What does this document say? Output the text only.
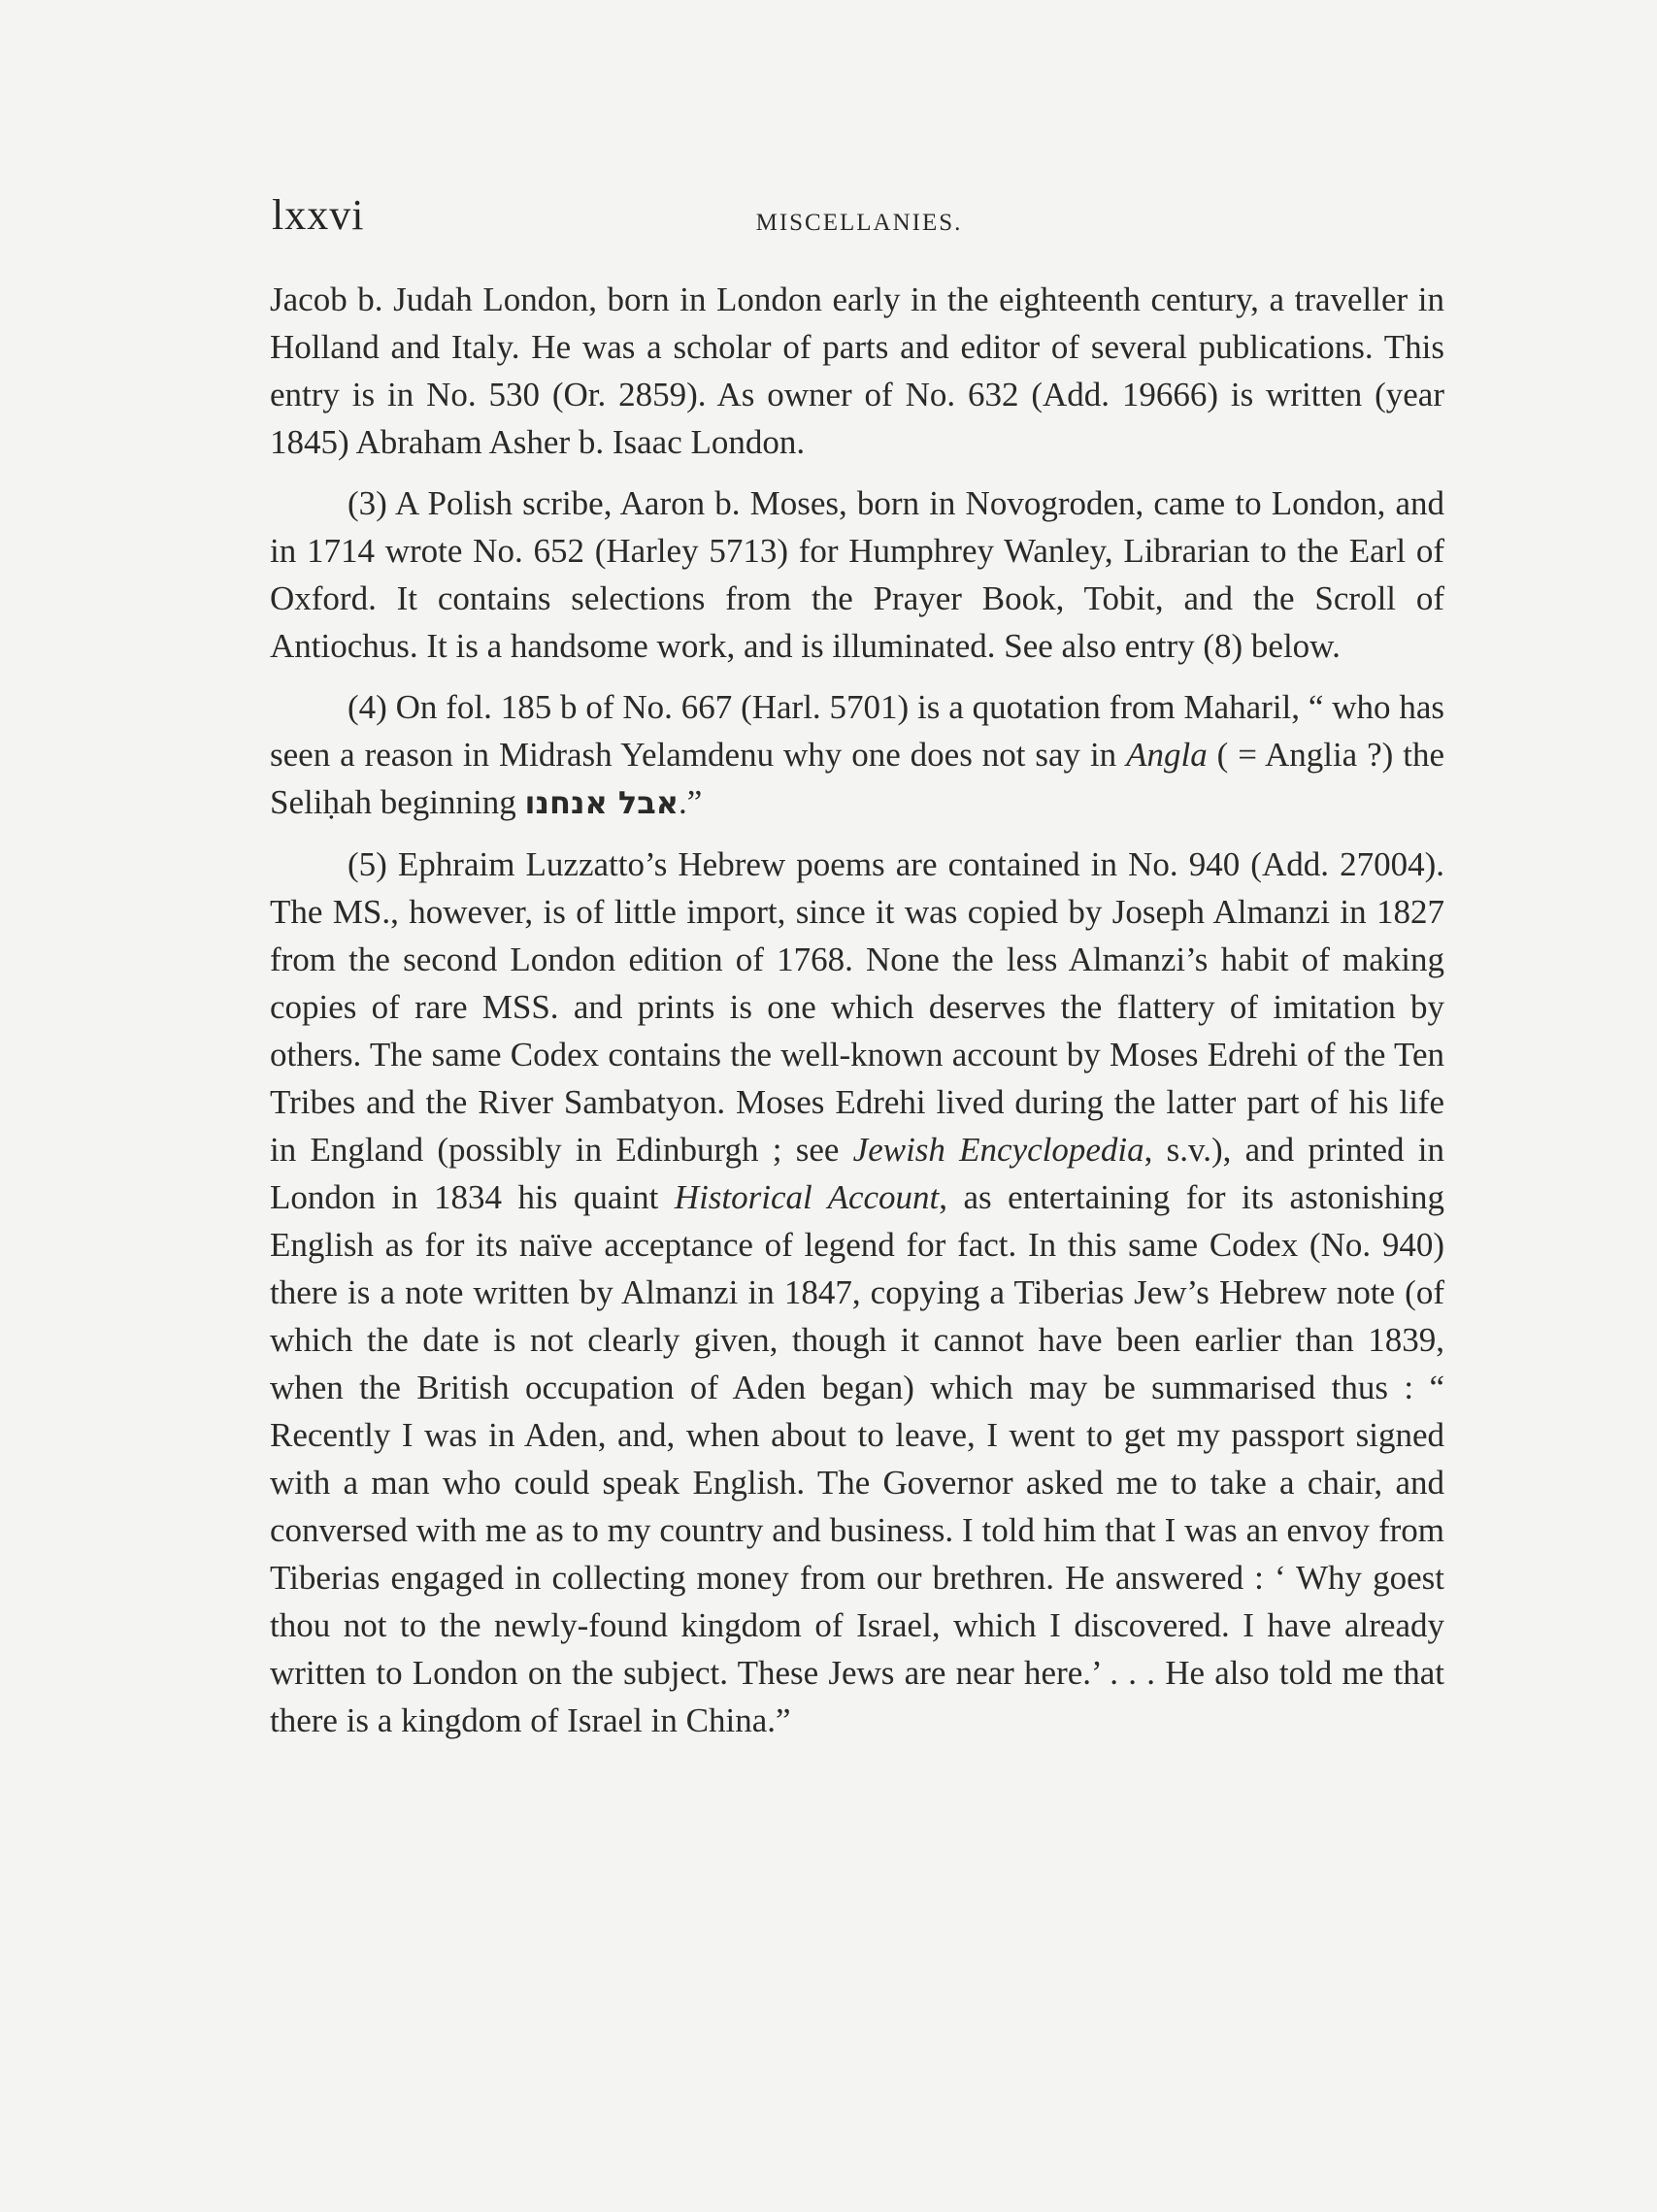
lxxvi	MISCELLANIES.

Jacob b. Judah London, born in London early in the eighteenth century, a traveller in Holland and Italy. He was a scholar of parts and editor of several publications. This entry is in No. 530 (Or. 2859). As owner of No. 632 (Add. 19666) is written (year 1845) Abraham Asher b. Isaac London.

(3) A Polish scribe, Aaron b. Moses, born in Novogroden, came to London, and in 1714 wrote No. 652 (Harley 5713) for Humphrey Wanley, Librarian to the Earl of Oxford. It contains selections from the Prayer Book, Tobit, and the Scroll of Antiochus. It is a handsome work, and is illuminated. See also entry (8) below.

(4) On fol. 185 b of No. 667 (Harl. 5701) is a quotation from Maharil, “ who has seen a reason in Midrash Yelamdenu why one does not say in Angla ( = Anglia ?) the Seliḥah beginning אבל אנחנו.”

(5) Ephraim Luzzatto’s Hebrew poems are contained in No. 940 (Add. 27004). The MS., however, is of little import, since it was copied by Joseph Almanzi in 1827 from the second London edition of 1768. None the less Almanzi’s habit of making copies of rare MSS. and prints is one which deserves the flattery of imitation by others. The same Codex contains the well-known account by Moses Edrehi of the Ten Tribes and the River Sambatyon. Moses Edrehi lived during the latter part of his life in England (possibly in Edinburgh ; see Jewish Encyclopedia, s.v.), and printed in London in 1834 his quaint Historical Account, as entertaining for its astonishing English as for its naïve acceptance of legend for fact. In this same Codex (No. 940) there is a note written by Almanzi in 1847, copying a Tiberias Jew’s Hebrew note (of which the date is not clearly given, though it cannot have been earlier than 1839, when the British occupation of Aden began) which may be summarised thus : “ Recently I was in Aden, and, when about to leave, I went to get my passport signed with a man who could speak English. The Governor asked me to take a chair, and conversed with me as to my country and business. I told him that I was an envoy from Tiberias engaged in collecting money from our brethren. He answered : ‘ Why goest thou not to the newly-found kingdom of Israel, which I discovered. I have already written to London on the subject. These Jews are near here.’ . . . He also told me that there is a kingdom of Israel in China.”
